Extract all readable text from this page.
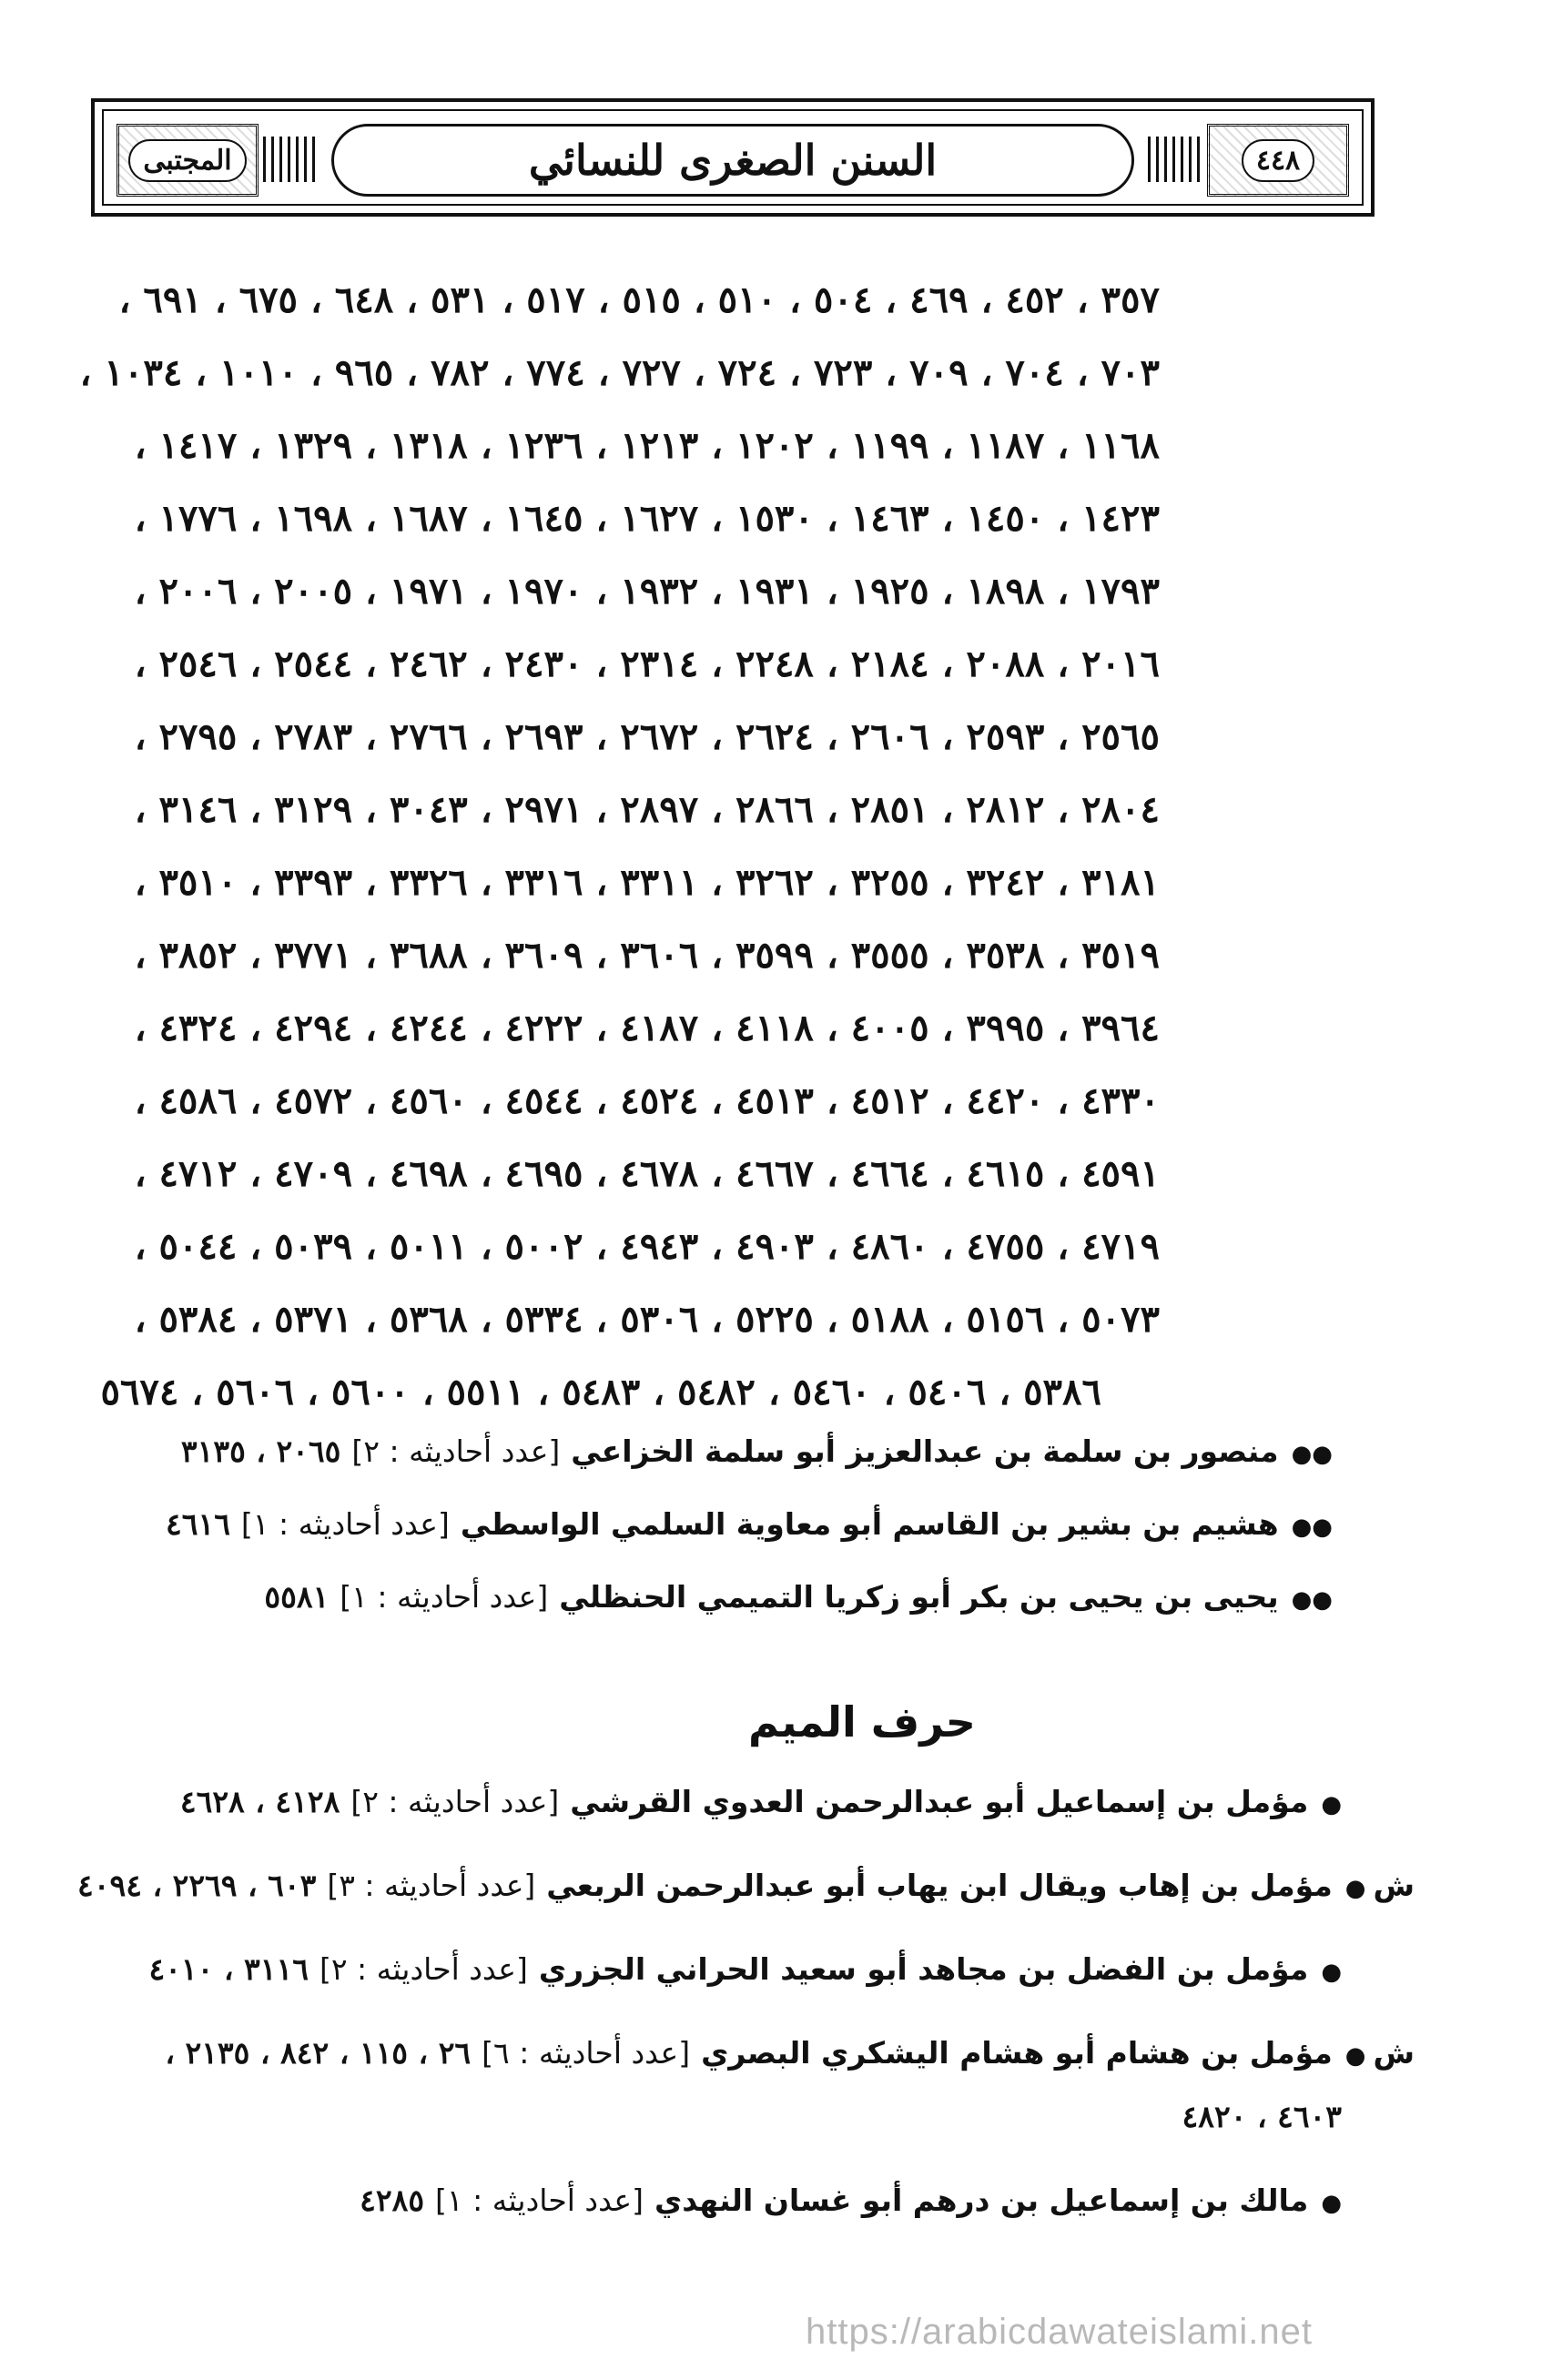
المجتبى	السنن الصغرى للنسائي	٤٤٨
٣٥٧ ، ٤٥٢ ، ٤٦٩ ، ٥٠٤ ، ٥١٠ ، ٥١٥ ، ٥١٧ ، ٥٣١ ، ٦٤٨ ، ٦٧٥ ، ٦٩١ ،
٧٠٣ ، ٧٠٤ ، ٧٠٩ ، ٧٢٣ ، ٧٢٤ ، ٧٢٧ ، ٧٧٤ ، ٧٨٢ ، ٩٦٥ ، ١٠١٠ ، ١٠٣٤ ،
١١٦٨ ، ١١٨٧ ، ١١٩٩ ، ١٢٠٢ ، ١٢١٣ ، ١٢٣٦ ، ١٣١٨ ، ١٣٢٩ ، ١٤١٧ ،
١٤٢٣ ، ١٤٥٠ ، ١٤٦٣ ، ١٥٣٠ ، ١٦٢٧ ، ١٦٤٥ ، ١٦٨٧ ، ١٦٩٨ ، ١٧٧٦ ،
١٧٩٣ ، ١٨٩٨ ، ١٩٢٥ ، ١٩٣١ ، ١٩٣٢ ، ١٩٧٠ ، ١٩٧١ ، ٢٠٠٥ ، ٢٠٠٦ ،
٢٠١٦ ، ٢٠٨٨ ، ٢١٨٤ ، ٢٢٤٨ ، ٢٣١٤ ، ٢٤٣٠ ، ٢٤٦٢ ، ٢٥٤٤ ، ٢٥٤٦ ،
٢٥٦٥ ، ٢٥٩٣ ، ٢٦٠٦ ، ٢٦٢٤ ، ٢٦٧٢ ، ٢٦٩٣ ، ٢٧٦٦ ، ٢٧٨٣ ، ٢٧٩٥ ،
٢٨٠٤ ، ٢٨١٢ ، ٢٨٥١ ، ٢٨٦٦ ، ٢٨٩٧ ، ٢٩٧١ ، ٣٠٤٣ ، ٣١٢٩ ، ٣١٤٦ ،
٣١٨١ ، ٣٢٤٢ ، ٣٢٥٥ ، ٣٢٦٢ ، ٣٣١١ ، ٣٣١٦ ، ٣٣٢٦ ، ٣٣٩٣ ، ٣٥١٠ ،
٣٥١٩ ، ٣٥٣٨ ، ٣٥٥٥ ، ٣٥٩٩ ، ٣٦٠٦ ، ٣٦٠٩ ، ٣٦٨٨ ، ٣٧٧١ ، ٣٨٥٢ ،
٣٩٦٤ ، ٣٩٩٥ ، ٤٠٠٥ ، ٤١١٨ ، ٤١٨٧ ، ٤٢٢٢ ، ٤٢٤٤ ، ٤٢٩٤ ، ٤٣٢٤ ،
٤٣٣٠ ، ٤٤٢٠ ، ٤٥١٢ ، ٤٥١٣ ، ٤٥٢٤ ، ٤٥٤٤ ، ٤٥٦٠ ، ٤٥٧٢ ، ٤٥٨٦ ،
٤٥٩١ ، ٤٦١٥ ، ٤٦٦٤ ، ٤٦٦٧ ، ٤٦٧٨ ، ٤٦٩٥ ، ٤٦٩٨ ، ٤٧٠٩ ، ٤٧١٢ ،
٤٧١٩ ، ٤٧٥٥ ، ٤٨٦٠ ، ٤٩٠٣ ، ٤٩٤٣ ، ٥٠٠٢ ، ٥٠١١ ، ٥٠٣٩ ، ٥٠٤٤ ،
٥٠٧٣ ، ٥١٥٦ ، ٥١٨٨ ، ٥٢٢٥ ، ٥٣٠٦ ، ٥٣٣٤ ، ٥٣٦٨ ، ٥٣٧١ ، ٥٣٨٤ ،
٥٣٨٦ ، ٥٤٠٦ ، ٥٤٦٠ ، ٥٤٨٢ ، ٥٤٨٣ ، ٥٥١١ ، ٥٦٠٠ ، ٥٦٠٦ ، ٥٦٧٤
●●
منصور بن سلمة بن عبدالعزيز أبو سلمة الخزاعي
[عدد أحاديثه : ٢]
٢٠٦٥ ، ٣١٣٥
●●
هشيم بن بشير بن القاسم أبو معاوية السلمي الواسطي
[عدد أحاديثه : ١]
٤٦١٦
●●
يحيى بن يحيى بن بكر أبو زكريا التميمي الحنظلي
[عدد أحاديثه : ١]
٥٥٨١
حرف الميم
●
مؤمل بن إسماعيل أبو عبدالرحمن العدوي القرشي
[عدد أحاديثه : ٢]
٤١٢٨ ، ٤٦٢٨
ش
●
مؤمل بن إهاب ويقال ابن يهاب أبو عبدالرحمن الربعي
[عدد أحاديثه : ٣]
٦٠٣ ، ٢٢٦٩ ، ٤٠٩٤
●
مؤمل بن الفضل بن مجاهد أبو سعيد الحراني الجزري
[عدد أحاديثه : ٢]
٣١١٦ ، ٤٠١٠
ش
●
مؤمل بن هشام أبو هشام اليشكري البصري
[عدد أحاديثه : ٦]
٢٦ ، ١١٥ ، ٨٤٢ ، ٢١٣٥ ،
٤٦٠٣ ، ٤٨٢٠
●
مالك بن إسماعيل بن درهم أبو غسان النهدي
[عدد أحاديثه : ١]
٤٢٨٥
https://arabicdawateislami.net
